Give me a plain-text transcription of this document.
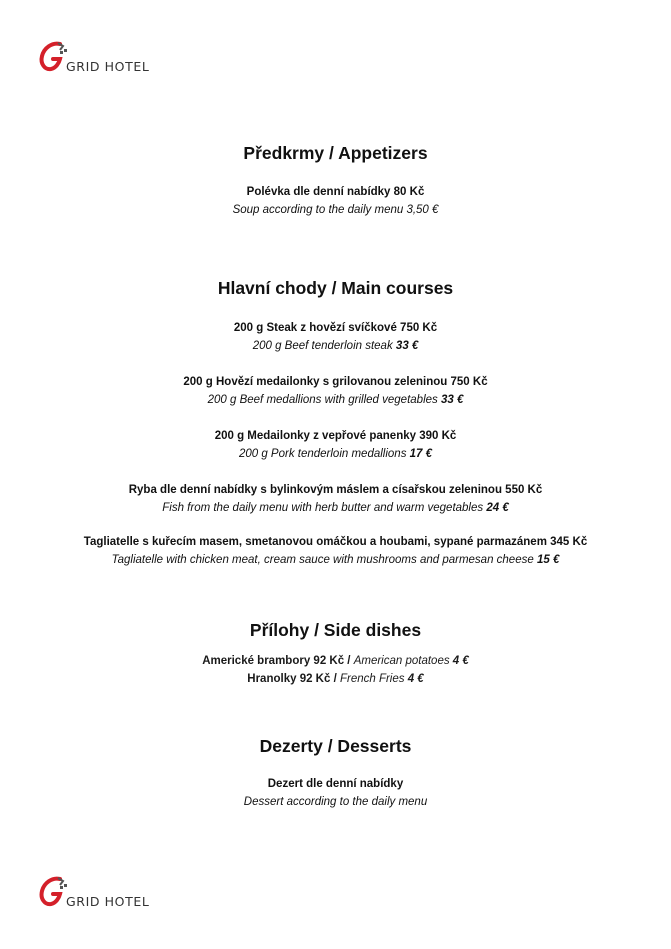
GRID HOTEL
Předkrmy / Appetizers
Polévka dle denní nabídky 80 Kč
Soup according to the daily menu 3,50 €
Hlavní chody / Main courses
200 g Steak z hovězí svíčkové 750 Kč
200 g Beef tenderloin steak 33 €
200 g Hovězí medailonky s grilovanou zeleninou 750 Kč
200 g Beef medallions with grilled vegetables 33 €
200 g Medailonky z vepřové panenky 390 Kč
200 g Pork tenderloin medallions 17 €
Ryba dle denní nabídky s bylinkovým máslem a císařskou zeleninou 550 Kč
Fish from the daily menu with herb butter and warm vegetables 24 €
Tagliatelle s kuřecím masem, smetanovou omáčkou a houbami, sypané parmazánem 345 Kč
Tagliatelle with chicken meat, cream sauce with mushrooms and parmesan cheese 15 €
Přílohy / Side dishes
Americké brambory 92 Kč / American potatoes 4 €
Hranolky 92 Kč / French Fries 4 €
Dezerty / Desserts
Dezert dle denní nabídky
Dessert according to the daily menu
GRID HOTEL
